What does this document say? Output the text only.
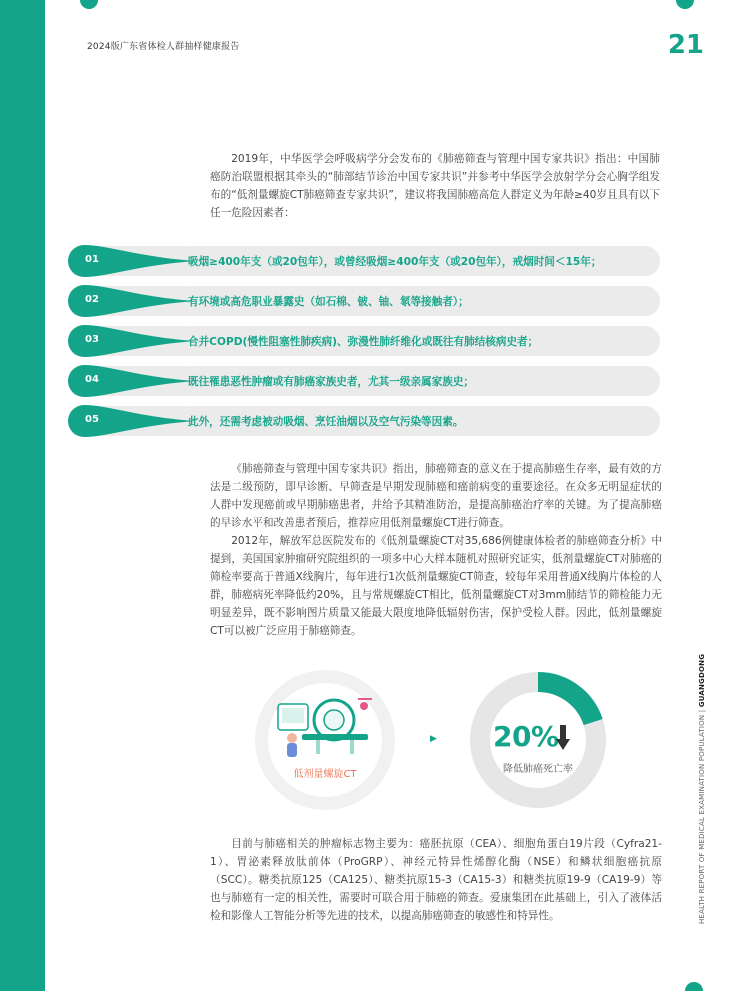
2024版广东省体检人群抽样健康报告	21

2019年，中华医学会呼吸病学分会发布的《肺癌筛查与管理中国专家共识》指出：中国肺癌防治联盟根据其牵头的“肺部结节诊治中国专家共识”并参考中华医学会放射学分会心胸学组发布的“低剂量螺旋CT肺癌筛查专家共识”，建议将我国肺癌高危人群定义为年龄≥40岁且具有以下任一危险因素者：

01	吸烟≥400年支（或20包年），或曾经吸烟≥400年支（或20包年），戒烟时间＜15年；
02	有环境或高危职业暴露史（如石棉、铍、铀、氡等接触者）；
03	合并COPD(慢性阻塞性肺疾病)、弥漫性肺纤维化或既往有肺结核病史者；
04	既往罹患恶性肿瘤或有肺癌家族史者，尤其一级亲属家族史；
05	此外，还需考虑被动吸烟、烹饪油烟以及空气污染等因素。

《肺癌筛查与管理中国专家共识》指出，肺癌筛查的意义在于提高肺癌生存率，最有效的方法是二级预防，即早诊断、早筛查是早期发现肺癌和癌前病变的重要途径。在众多无明显症状的人群中发现癌前或早期肺癌患者，并给予其精准防治，是提高肺癌治疗率的关键。为了提高肺癌的早诊水平和改善患者预后，推荐应用低剂量螺旋CT进行筛查。

2012年，解放军总医院发布的《低剂量螺旋CT对35,686例健康体检者的肺癌筛查分析》中提到，美国国家肿瘤研究院组织的一项多中心大样本随机对照研究证实，低剂量螺旋CT对肺癌的筛检率要高于普通X线胸片，每年进行1次低剂量螺旋CT筛查，较每年采用普通X线胸片体检的人群，肺癌病死率降低约20%，且与常规螺旋CT相比，低剂量螺旋CT对3mm肺结节的筛检能力无明显差异，既不影响图片质量又能最大限度地降低辐射伤害，保护受检人群。因此，低剂量螺旋CT可以被广泛应用于肺癌筛查。

低剂量螺旋CT
▶ 20%
降低肺癌死亡率

目前与肺癌相关的肿瘤标志物主要为：癌胚抗原（CEA）、细胞角蛋白19片段（Cyfra21-1）、胃泌素释放肽前体（ProGRP）、神经元特异性烯醇化酶（NSE）和鳞状细胞癌抗原（SCC）。糖类抗原125（CA125）、糖类抗原15-3（CA15-3）和糖类抗原19-9（CA19-9）等也与肺癌有一定的相关性，需要时可联合用于肺癌的筛查。爱康集团在此基础上，引入了液体活检和影像人工智能分析等先进的技术，以提高肺癌筛查的敏感性和特异性。	HEALTH REPORT OF MEDICAL EXAMINATION POPULATION | GUANGDONG
